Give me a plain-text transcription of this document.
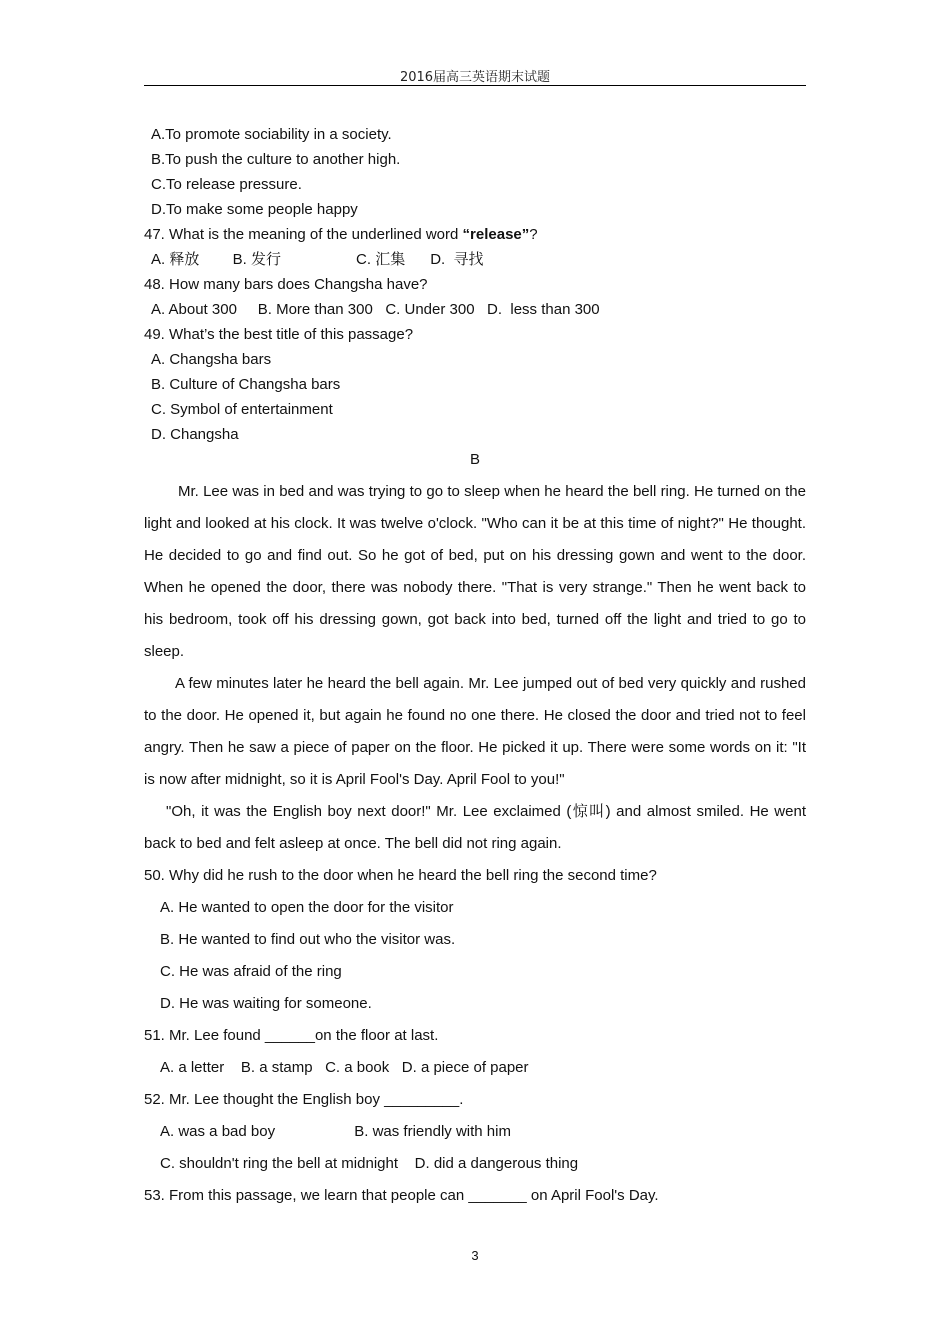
2016届高三英语期末试题
A.To promote sociability in a society.
B.To push the culture to another high.
C.To release pressure.
D.To make some people happy
47. What is the meaning of the underlined word “release”?
A. 释放        B. 发行                  C. 汇集      D.  寻找
48. How many bars does Changsha have?
A. About 300     B. More than 300   C. Under 300   D.  less than 300
49. What’s the best title of this passage?
A. Changsha bars
B. Culture of Changsha bars
C. Symbol of entertainment
D. Changsha
B
Mr. Lee was in bed and was trying to go to sleep when he heard the bell ring. He turned on the light and looked at his clock. It was twelve o'clock. "Who can it be at this time of night?" He thought. He decided to go and find out. So he got of bed, put on his dressing gown and went to the door. When he opened the door, there was nobody there. "That is very strange." Then he went back to his bedroom, took off his dressing gown, got back into bed, turned off the light and tried to go to sleep.
A few minutes later he heard the bell again. Mr. Lee jumped out of bed very quickly and rushed to the door. He opened it, but again he found no one there. He closed the door and tried not to feel angry. Then he saw a piece of paper on the floor. He picked it up. There were some words on it: "It is now after midnight, so it is April Fool's Day. April Fool to you!"
"Oh, it was the English boy next door!" Mr. Lee exclaimed (惊叫) and almost smiled. He went back to bed and felt asleep at once. The bell did not ring again.
50. Why did he rush to the door when he heard the bell ring the second time?
A. He wanted to open the door for the visitor
B. He wanted to find out who the visitor was.
C. He was afraid of the ring
D. He was waiting for someone.
51. Mr. Lee found ______on the floor at last.
A. a letter    B. a stamp   C. a book   D. a piece of paper
52. Mr. Lee thought the English boy _________.
A. was a bad boy                   B. was friendly with him
C. shouldn't ring the bell at midnight    D. did a dangerous thing
53. From this passage, we learn that people can _______ on April Fool's Day.
3
